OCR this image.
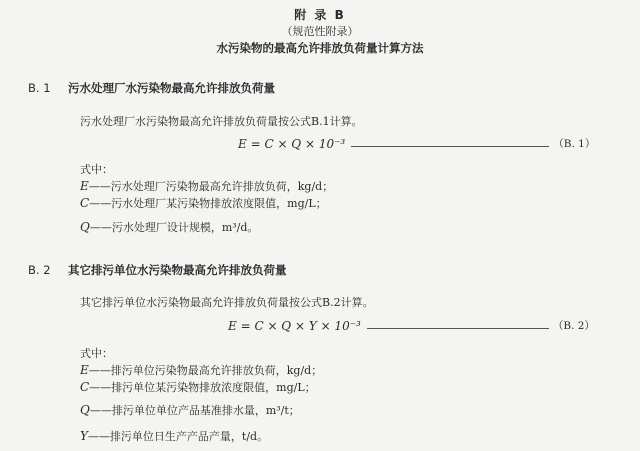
附 录 B
（规范性附录）
水污染物的最高允许排放负荷量计算方法
B. 1 污水处理厂水污染物最高允许排放负荷量
污水处理厂水污染物最高允许排放负荷量按公式B.1计算。
E = C × Q × 10⁻³	（B. 1）
式中：
E——污水处理厂污染物最高允许排放负荷，kg/d；
C——污水处理厂某污染物排放浓度限值，mg/L；
Q——污水处理厂设计规模，m³/d。
B. 2 其它排污单位水污染物最高允许排放负荷量
其它排污单位水污染物最高允许排放负荷量按公式B.2计算。
E = C × Q × Y × 10⁻³	（B. 2）
式中：
E——排污单位污染物最高允许排放负荷，kg/d；
C——排污单位某污染物排放浓度限值，mg/L；
Q——排污单位单位产品基准排水量，m³/t；
Y——排污单位日生产产品产量，t/d。
